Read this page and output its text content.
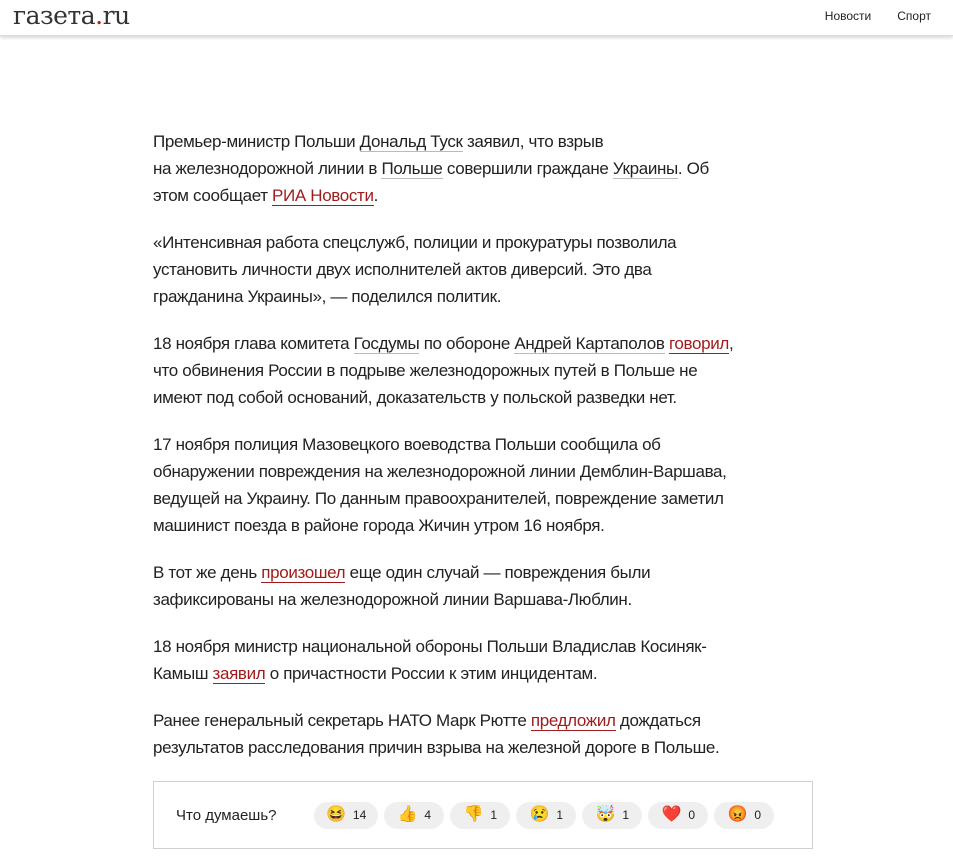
газета.ru	Новости Спорт

Премьер-министр Польши Дональд Туск заявил, что взрыв
на железнодорожной линии в Польше совершили граждане Украины. Об
этом сообщает РИА Новости.

«Интенсивная работа спецслужб, полиции и прокуратуры позволила
установить личности двух исполнителей актов диверсий. Это два
гражданина Украины», — поделился политик.

18 ноября глава комитета Госдумы по обороне Андрей Картаполов говорил,
что обвинения России в подрыве железнодорожных путей в Польше не
имеют под собой оснований, доказательств у польской разведки нет.

17 ноября полиция Мазовецкого воеводства Польши сообщила об
обнаружении повреждения на железнодорожной линии Демблин-Варшава,
ведущей на Украину. По данным правоохранителей, повреждение заметил
машинист поезда в районе города Жичин утром 16 ноября.

В тот же день произошел еще один случай — повреждения были
зафиксированы на железнодорожной линии Варшава-Люблин.

18 ноября министр национальной обороны Польши Владислав Косиняк-
Камыш заявил о причастности России к этим инцидентам.

Ранее генеральный секретарь НАТО Марк Рютте предложил дождаться
результатов расследования причин взрыва на железной дороге в Польше.

Что думаешь?	😆 14 👍 4 👎 1 😢 1 🤯 1 ❤️ 0 😡 0
